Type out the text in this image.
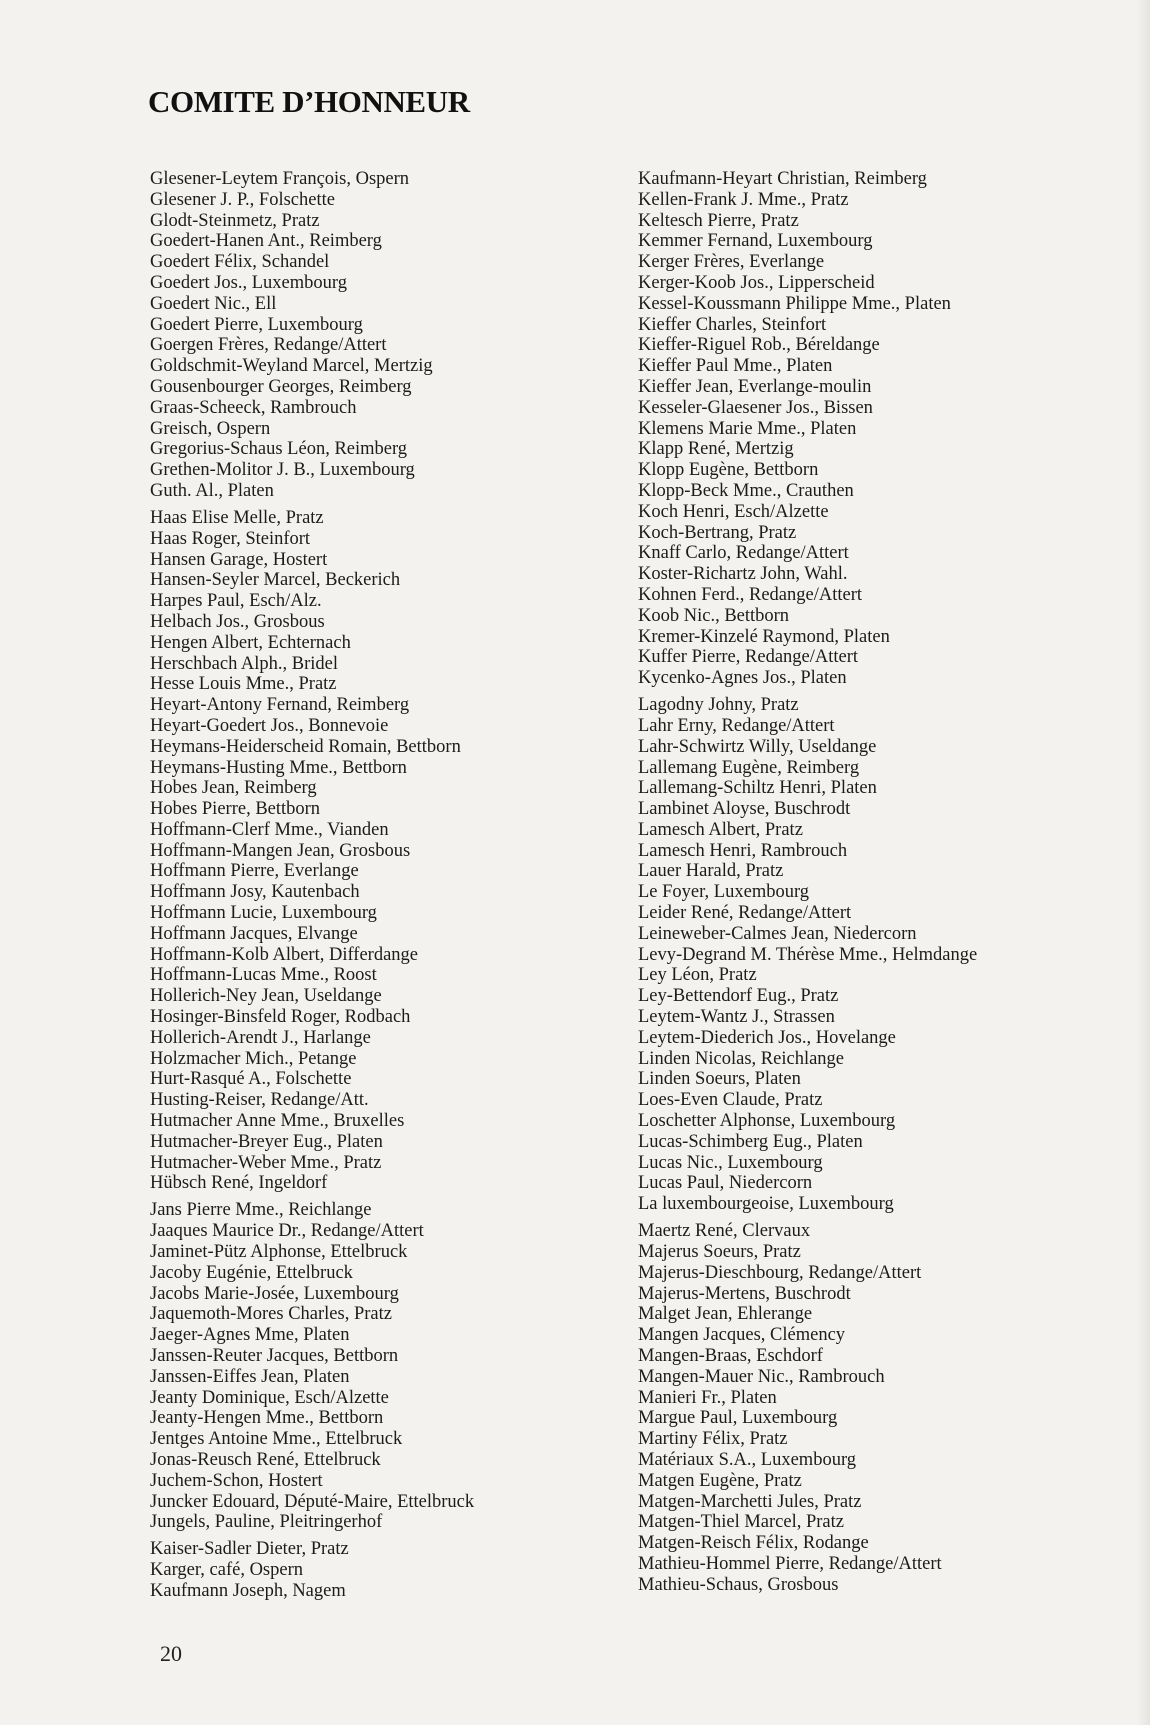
COMITE D’HONNEUR
Glesener-Leytem François, Ospern
Glesener J. P., Folschette
Glodt-Steinmetz, Pratz
Goedert-Hanen Ant., Reimberg
Goedert Félix, Schandel
Goedert Jos., Luxembourg
Goedert Nic., Ell
Goedert Pierre, Luxembourg
Goergen Frères, Redange/Attert
Goldschmit-Weyland Marcel, Mertzig
Gousenbourger Georges, Reimberg
Graas-Scheeck, Rambrouch
Greisch, Ospern
Gregorius-Schaus Léon, Reimberg
Grethen-Molitor J. B., Luxembourg
Guth. Al., Platen
Haas Elise Melle, Pratz
Haas Roger, Steinfort
Hansen Garage, Hostert
Hansen-Seyler Marcel, Beckerich
Harpes Paul, Esch/Alz.
Helbach Jos., Grosbous
Hengen Albert, Echternach
Herschbach Alph., Bridel
Hesse Louis Mme., Pratz
Heyart-Antony Fernand, Reimberg
Heyart-Goedert Jos., Bonnevoie
Heymans-Heiderscheid Romain, Bettborn
Heymans-Husting Mme., Bettborn
Hobes Jean, Reimberg
Hobes Pierre, Bettborn
Hoffmann-Clerf Mme., Vianden
Hoffmann-Mangen Jean, Grosbous
Hoffmann Pierre, Everlange
Hoffmann Josy, Kautenbach
Hoffmann Lucie, Luxembourg
Hoffmann Jacques, Elvange
Hoffmann-Kolb Albert, Differdange
Hoffmann-Lucas Mme., Roost
Hollerich-Ney Jean, Useldange
Hosinger-Binsfeld Roger, Rodbach
Hollerich-Arendt J., Harlange
Holzmacher Mich., Petange
Hurt-Rasqué A., Folschette
Husting-Reiser, Redange/Att.
Hutmacher Anne Mme., Bruxelles
Hutmacher-Breyer Eug., Platen
Hutmacher-Weber Mme., Pratz
Hübsch René, Ingeldorf
Jans Pierre Mme., Reichlange
Jaaques Maurice Dr., Redange/Attert
Jaminet-Pütz Alphonse, Ettelbruck
Jacoby Eugénie, Ettelbruck
Jacobs Marie-Josée, Luxembourg
Jaquemoth-Mores Charles, Pratz
Jaeger-Agnes Mme, Platen
Janssen-Reuter Jacques, Bettborn
Janssen-Eiffes Jean, Platen
Jeanty Dominique, Esch/Alzette
Jeanty-Hengen Mme., Bettborn
Jentges Antoine Mme., Ettelbruck
Jonas-Reusch René, Ettelbruck
Juchem-Schon, Hostert
Juncker Edouard, Député-Maire, Ettelbruck
Jungels, Pauline, Pleitringerhof
Kaiser-Sadler Dieter, Pratz
Karger, café, Ospern
Kaufmann Joseph, Nagem
Kaufmann-Heyart Christian, Reimberg
Kellen-Frank J. Mme., Pratz
Keltesch Pierre, Pratz
Kemmer Fernand, Luxembourg
Kerger Frères, Everlange
Kerger-Koob Jos., Lipperscheid
Kessel-Koussmann Philippe Mme., Platen
Kieffer Charles, Steinfort
Kieffer-Riguel Rob., Béreldange
Kieffer Paul Mme., Platen
Kieffer Jean, Everlange-moulin
Kesseler-Glaesener Jos., Bissen
Klemens Marie Mme., Platen
Klapp René, Mertzig
Klopp Eugène, Bettborn
Klopp-Beck Mme., Crauthen
Koch Henri, Esch/Alzette
Koch-Bertrang, Pratz
Knaff Carlo, Redange/Attert
Koster-Richartz John, Wahl.
Kohnen Ferd., Redange/Attert
Koob Nic., Bettborn
Kremer-Kinzelé Raymond, Platen
Kuffer Pierre, Redange/Attert
Kycenko-Agnes Jos., Platen
Lagodny Johny, Pratz
Lahr Erny, Redange/Attert
Lahr-Schwirtz Willy, Useldange
Lallemang Eugène, Reimberg
Lallemang-Schiltz Henri, Platen
Lambinet Aloyse, Buschrodt
Lamesch Albert, Pratz
Lamesch Henri, Rambrouch
Lauer Harald, Pratz
Le Foyer, Luxembourg
Leider René, Redange/Attert
Leineweber-Calmes Jean, Niedercorn
Levy-Degrand M. Thérèse Mme., Helmdange
Ley Léon, Pratz
Ley-Bettendorf Eug., Pratz
Leytem-Wantz J., Strassen
Leytem-Diederich Jos., Hovelange
Linden Nicolas, Reichlange
Linden Soeurs, Platen
Loes-Even Claude, Pratz
Loschetter Alphonse, Luxembourg
Lucas-Schimberg Eug., Platen
Lucas Nic., Luxembourg
Lucas Paul, Niedercorn
La luxembourgeoise, Luxembourg
Maertz René, Clervaux
Majerus Soeurs, Pratz
Majerus-Dieschbourg, Redange/Attert
Majerus-Mertens, Buschrodt
Malget Jean, Ehlerange
Mangen Jacques, Clémency
Mangen-Braas, Eschdorf
Mangen-Mauer Nic., Rambrouch
Manieri Fr., Platen
Margue Paul, Luxembourg
Martiny Félix, Pratz
Matériaux S.A., Luxembourg
Matgen Eugène, Pratz
Matgen-Marchetti Jules, Pratz
Matgen-Thiel Marcel, Pratz
Matgen-Reisch Félix, Rodange
Mathieu-Hommel Pierre, Redange/Attert
Mathieu-Schaus, Grosbous
20
